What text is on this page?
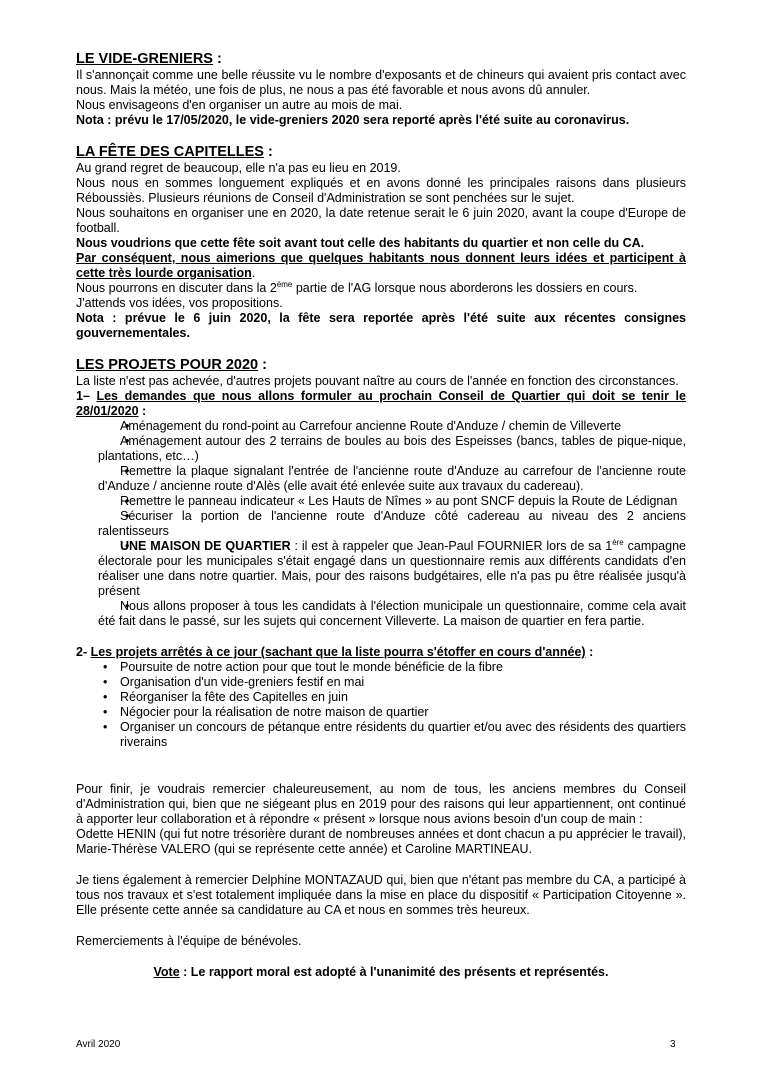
LE VIDE-GRENIERS :

Il s'annonçait comme une belle réussite vu le nombre d'exposants et de chineurs qui avaient pris contact avec nous. Mais la météo, une fois de plus, ne nous a pas été favorable et nous avons dû annuler.

Nous envisageons d'en organiser un autre au mois de mai.

Nota : prévu le 17/05/2020, le vide-greniers 2020 sera reporté après l'été suite au coronavirus.

LA FÊTE DES CAPITELLES :

Au grand regret de beaucoup, elle n'a pas eu lieu en 2019.

Nous nous en sommes longuement expliqués et en avons donné les principales raisons dans plusieurs Réboussiès. Plusieurs réunions de Conseil d'Administration se sont penchées sur le sujet.

Nous souhaitons en organiser une en 2020, la date retenue serait le 6 juin 2020, avant la coupe d'Europe de football.

Nous voudrions que cette fête soit avant tout celle des habitants du quartier et non celle du CA.

Par conséquent, nous aimerions que quelques habitants nous donnent leurs idées et participent à cette très lourde organisation.

Nous pourrons en discuter dans la 2ème partie de l'AG lorsque nous aborderons les dossiers en cours.

J'attends vos idées, vos propositions.

Nota : prévue le 6 juin 2020, la fête sera reportée après l'été suite aux récentes consignes gouvernementales.

LES PROJETS POUR 2020 :

La liste n'est pas achevée, d'autres projets pouvant naître au cours de l'année en fonction des circonstances.

1– Les demandes que nous allons formuler au prochain Conseil de Quartier qui doit se tenir le 28/01/2020 :

• Aménagement du rond-point au Carrefour ancienne Route d'Anduze / chemin de Villeverte
• Aménagement autour des 2 terrains de boules au bois des Espeisses (bancs, tables de pique-nique, plantations, etc…)
• Remettre la plaque signalant l'entrée de l'ancienne route d'Anduze au carrefour de l'ancienne route d'Anduze / ancienne route d'Alès (elle avait été enlevée suite aux travaux du cadereau).
• Remettre le panneau indicateur « Les Hauts de Nîmes » au pont SNCF depuis la Route de Lédignan
• Sécuriser la portion de l'ancienne route d'Anduze côté cadereau au niveau des 2 anciens ralentisseurs
• UNE MAISON DE QUARTIER : il est à rappeler que Jean-Paul FOURNIER lors de sa 1ère campagne électorale pour les municipales s'était engagé dans un questionnaire remis aux différents candidats d'en réaliser une dans notre quartier. Mais, pour des raisons budgétaires, elle n'a pas pu être réalisée jusqu'à présent
• Nous allons proposer à tous les candidats à l'élection municipale un questionnaire, comme cela avait été fait dans le passé, sur les sujets qui concernent Villeverte. La maison de quartier en fera partie.

2- Les projets arrêtés à ce jour (sachant que la liste pourra s'étoffer en cours d'année) :

• Poursuite de notre action pour que tout le monde bénéficie de la fibre
• Organisation d'un vide-greniers festif en mai
• Réorganiser la fête des Capitelles en juin
• Négocier pour la réalisation de notre maison de quartier
• Organiser un concours de pétanque entre résidents du quartier et/ou avec des résidents des quartiers riverains

Pour finir, je voudrais remercier chaleureusement, au nom de tous, les anciens membres du Conseil d'Administration qui, bien que ne siégeant plus en 2019 pour des raisons qui leur appartiennent, ont continué à apporter leur collaboration et à répondre « présent » lorsque nous avions besoin d'un coup de main :

Odette HENIN (qui fut notre trésorière durant de nombreuses années et dont chacun a pu apprécier le travail), Marie-Thérèse VALERO (qui se représente cette année) et Caroline MARTINEAU.

Je tiens également à remercier Delphine MONTAZAUD qui, bien que n'étant pas membre du CA, a participé à tous nos travaux et s'est totalement impliquée dans la mise en place du dispositif « Participation Citoyenne ». Elle présente cette année sa candidature au CA et nous en sommes très heureux.

Remerciements à l'équipe de bénévoles.

Vote : Le rapport moral est adopté à l'unanimité des présents et représentés.

Avril 2020	3
